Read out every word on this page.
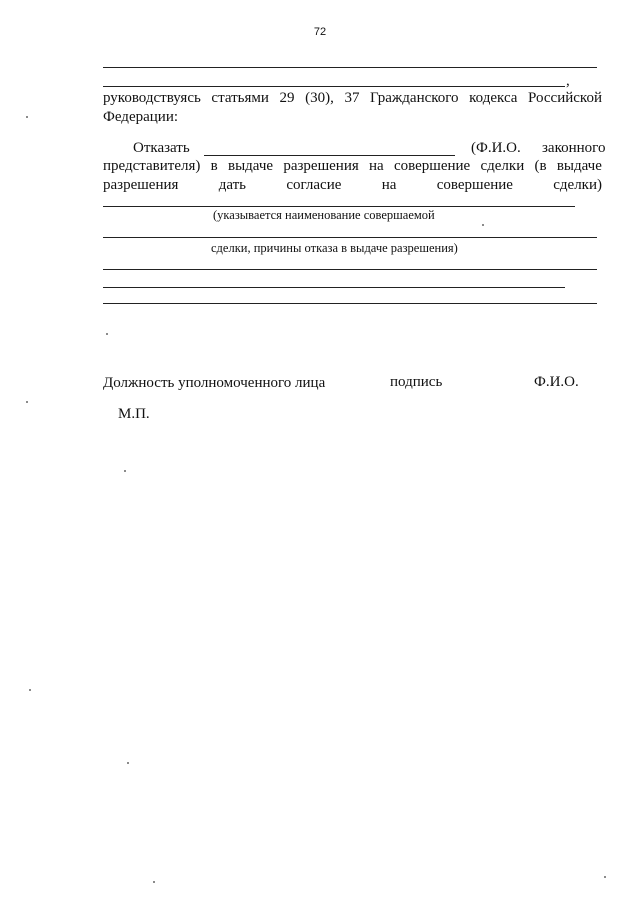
72
,
руководствуясь статьями 29 (30), 37 Гражданского кодекса Российской
Федерации:
Отказать	(Ф.И.О. законного
представителя) в выдаче разрешения на совершение сделки (в выдаче
разрешения	дать	согласие	на	совершение	сделки)
(указывается наименование совершаемой
сделки, причины отказа в выдаче разрешения)
Должность уполномоченного лица	подпись	Ф.И.О.
М.П.
